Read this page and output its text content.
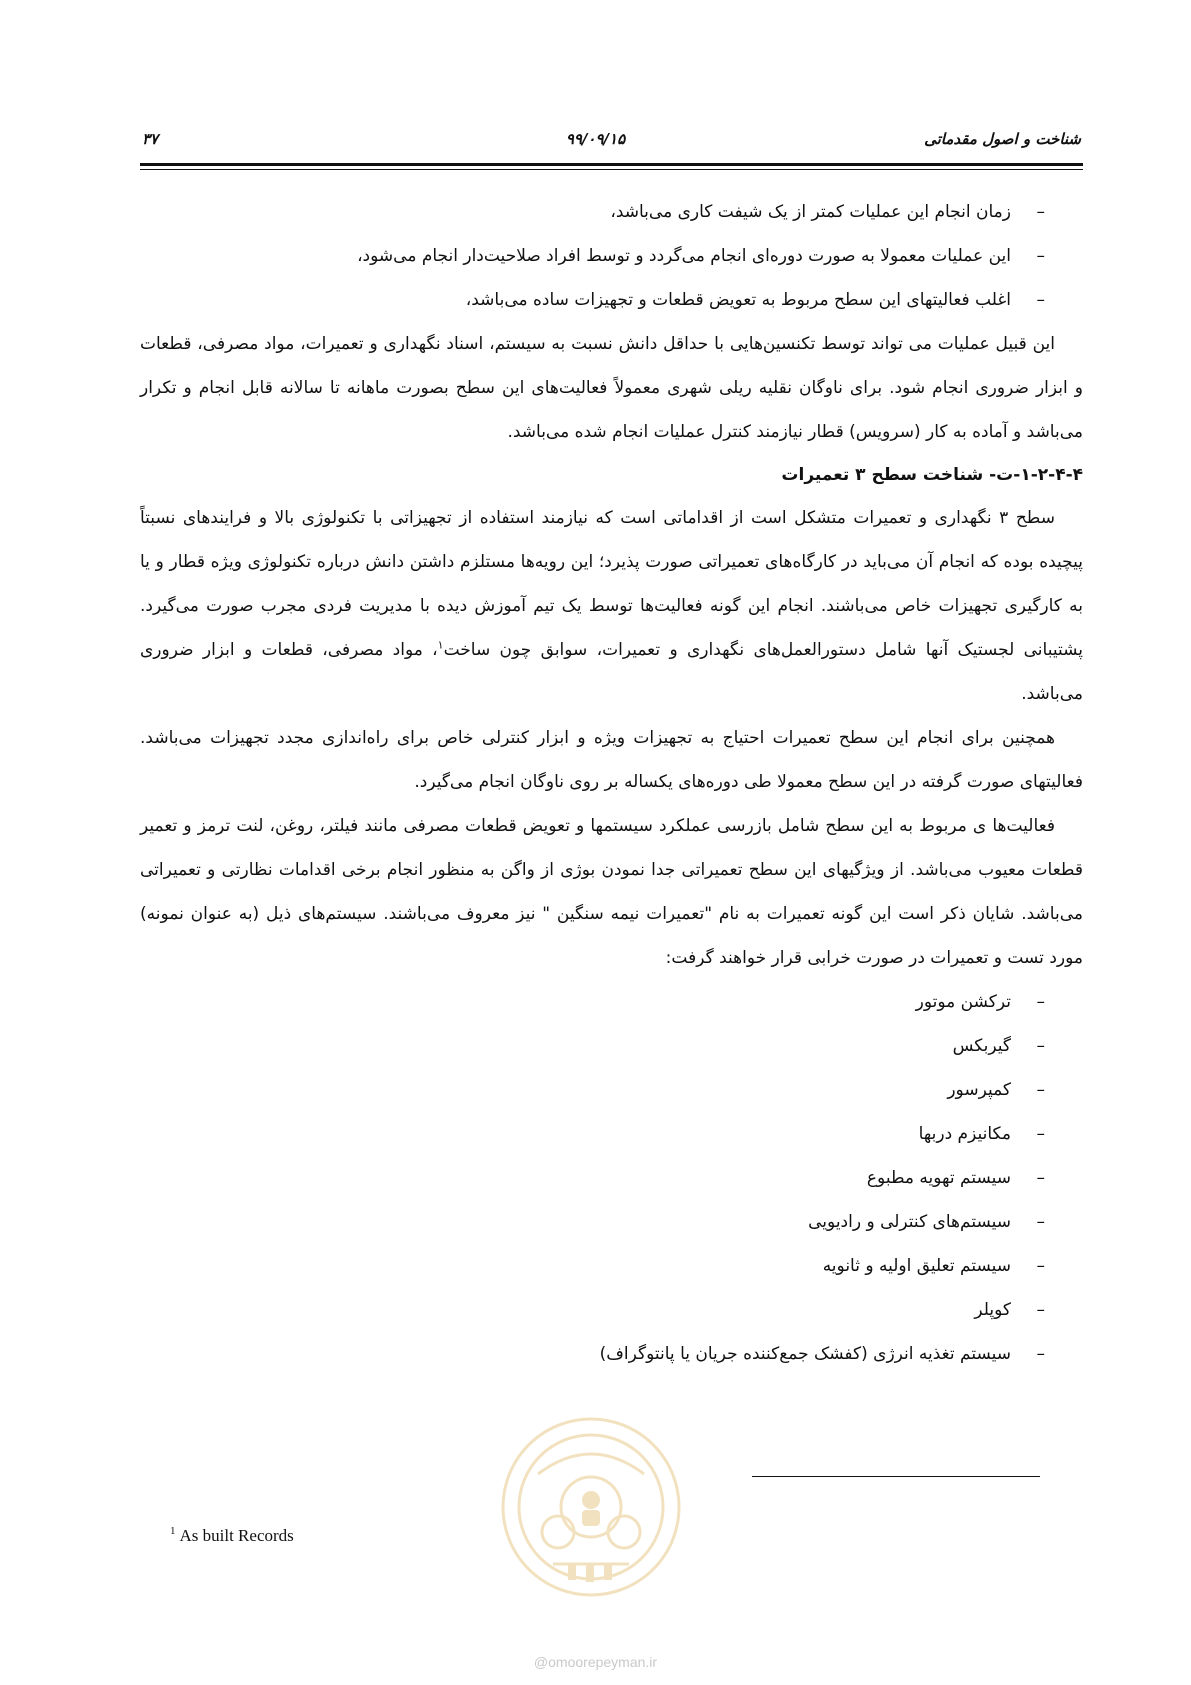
شناخت و اصول مقدماتی
۹۹/۰۹/۱۵
۳۷
– زمان انجام این عملیات کمتر از یک شیفت کاری می‌باشد،
– این عملیات معمولا به صورت دوره‌ای انجام می‌گردد و توسط افراد صلاحیت‌دار انجام می‌شود،
– اغلب فعالیتهای این سطح مربوط به تعویض قطعات و تجهیزات ساده می‌باشد،

این قبیل عملیات می تواند توسط تکنسین‌هایی با حداقل دانش نسبت به سیستم، اسناد نگهداری و تعمیرات، مواد مصرفی، قطعات و ابزار ضروری انجام شود. برای ناوگان نقلیه ریلی شهری معمولاً فعالیت‌های این سطح بصورت ماهانه تا سالانه قابل انجام و تکرار می‌باشد و آماده به کار (سرویس) قطار نیازمند کنترل عملیات انجام شده می‌باشد.

۱-۲-۴-۴-ت- شناخت سطح ۳ تعمیرات

سطح ۳ نگهداری و تعمیرات متشکل است از اقداماتی است که نیازمند استفاده از تجهیزاتی با تکنولوژی بالا و فرایندهای نسبتاً پیچیده بوده که انجام آن می‌باید در کارگاه‌های تعمیراتی صورت پذیرد؛ این رویه‌ها مستلزم داشتن دانش درباره تکنولوژی ویژه قطار و یا به کارگیری تجهیزات خاص می‌باشند. انجام این گونه فعالیت‌ها توسط یک تیم آموزش دیده با مدیریت فردی مجرب صورت می‌گیرد. پشتیبانی لجستیک آنها شامل دستورالعمل‌های نگهداری و تعمیرات، سوابق چون ساخت$^۱$، مواد مصرفی، قطعات و ابزار ضروری می‌باشد.

همچنین برای انجام این سطح تعمیرات احتیاج به تجهیزات ویژه و ابزار کنترلی خاص برای راه‌اندازی مجدد تجهیزات می‌باشد. فعالیتهای صورت گرفته در این سطح معمولا طی دوره‌های یکساله بر روی ناوگان انجام می‌گیرد.

فعالیت‌ها ی مربوط به این سطح شامل بازرسی عملکرد سیستمها و تعویض قطعات مصرفی مانند فیلتر، روغن، لنت ترمز و تعمیر قطعات معیوب می‌باشد. از ویژگیهای این سطح تعمیراتی جدا نمودن بوژی از واگن به منظور انجام برخی اقدامات نظارتی و تعمیراتی می‌باشد. شایان ذکر است این گونه تعمیرات به نام "تعمیرات نیمه سنگین " نیز معروف می‌باشند. سیستم‌های ذیل (به عنوان نمونه) مورد تست و تعمیرات در صورت خرابی قرار خواهند گرفت:

– ترکشن موتور
– گیربکس
– کمپرسور
– مکانیزم دربها
– سیستم تهویه مطبوع
– سیستم‌های کنترلی و رادیویی
– سیستم تعلیق اولیه و ثانویه
– کوپلر
– سیستم تغذیه انرژی (کفشک جمع‌کننده جریان یا پانتوگراف)
$^1$ As built Records
@omoorepeyman.ir
